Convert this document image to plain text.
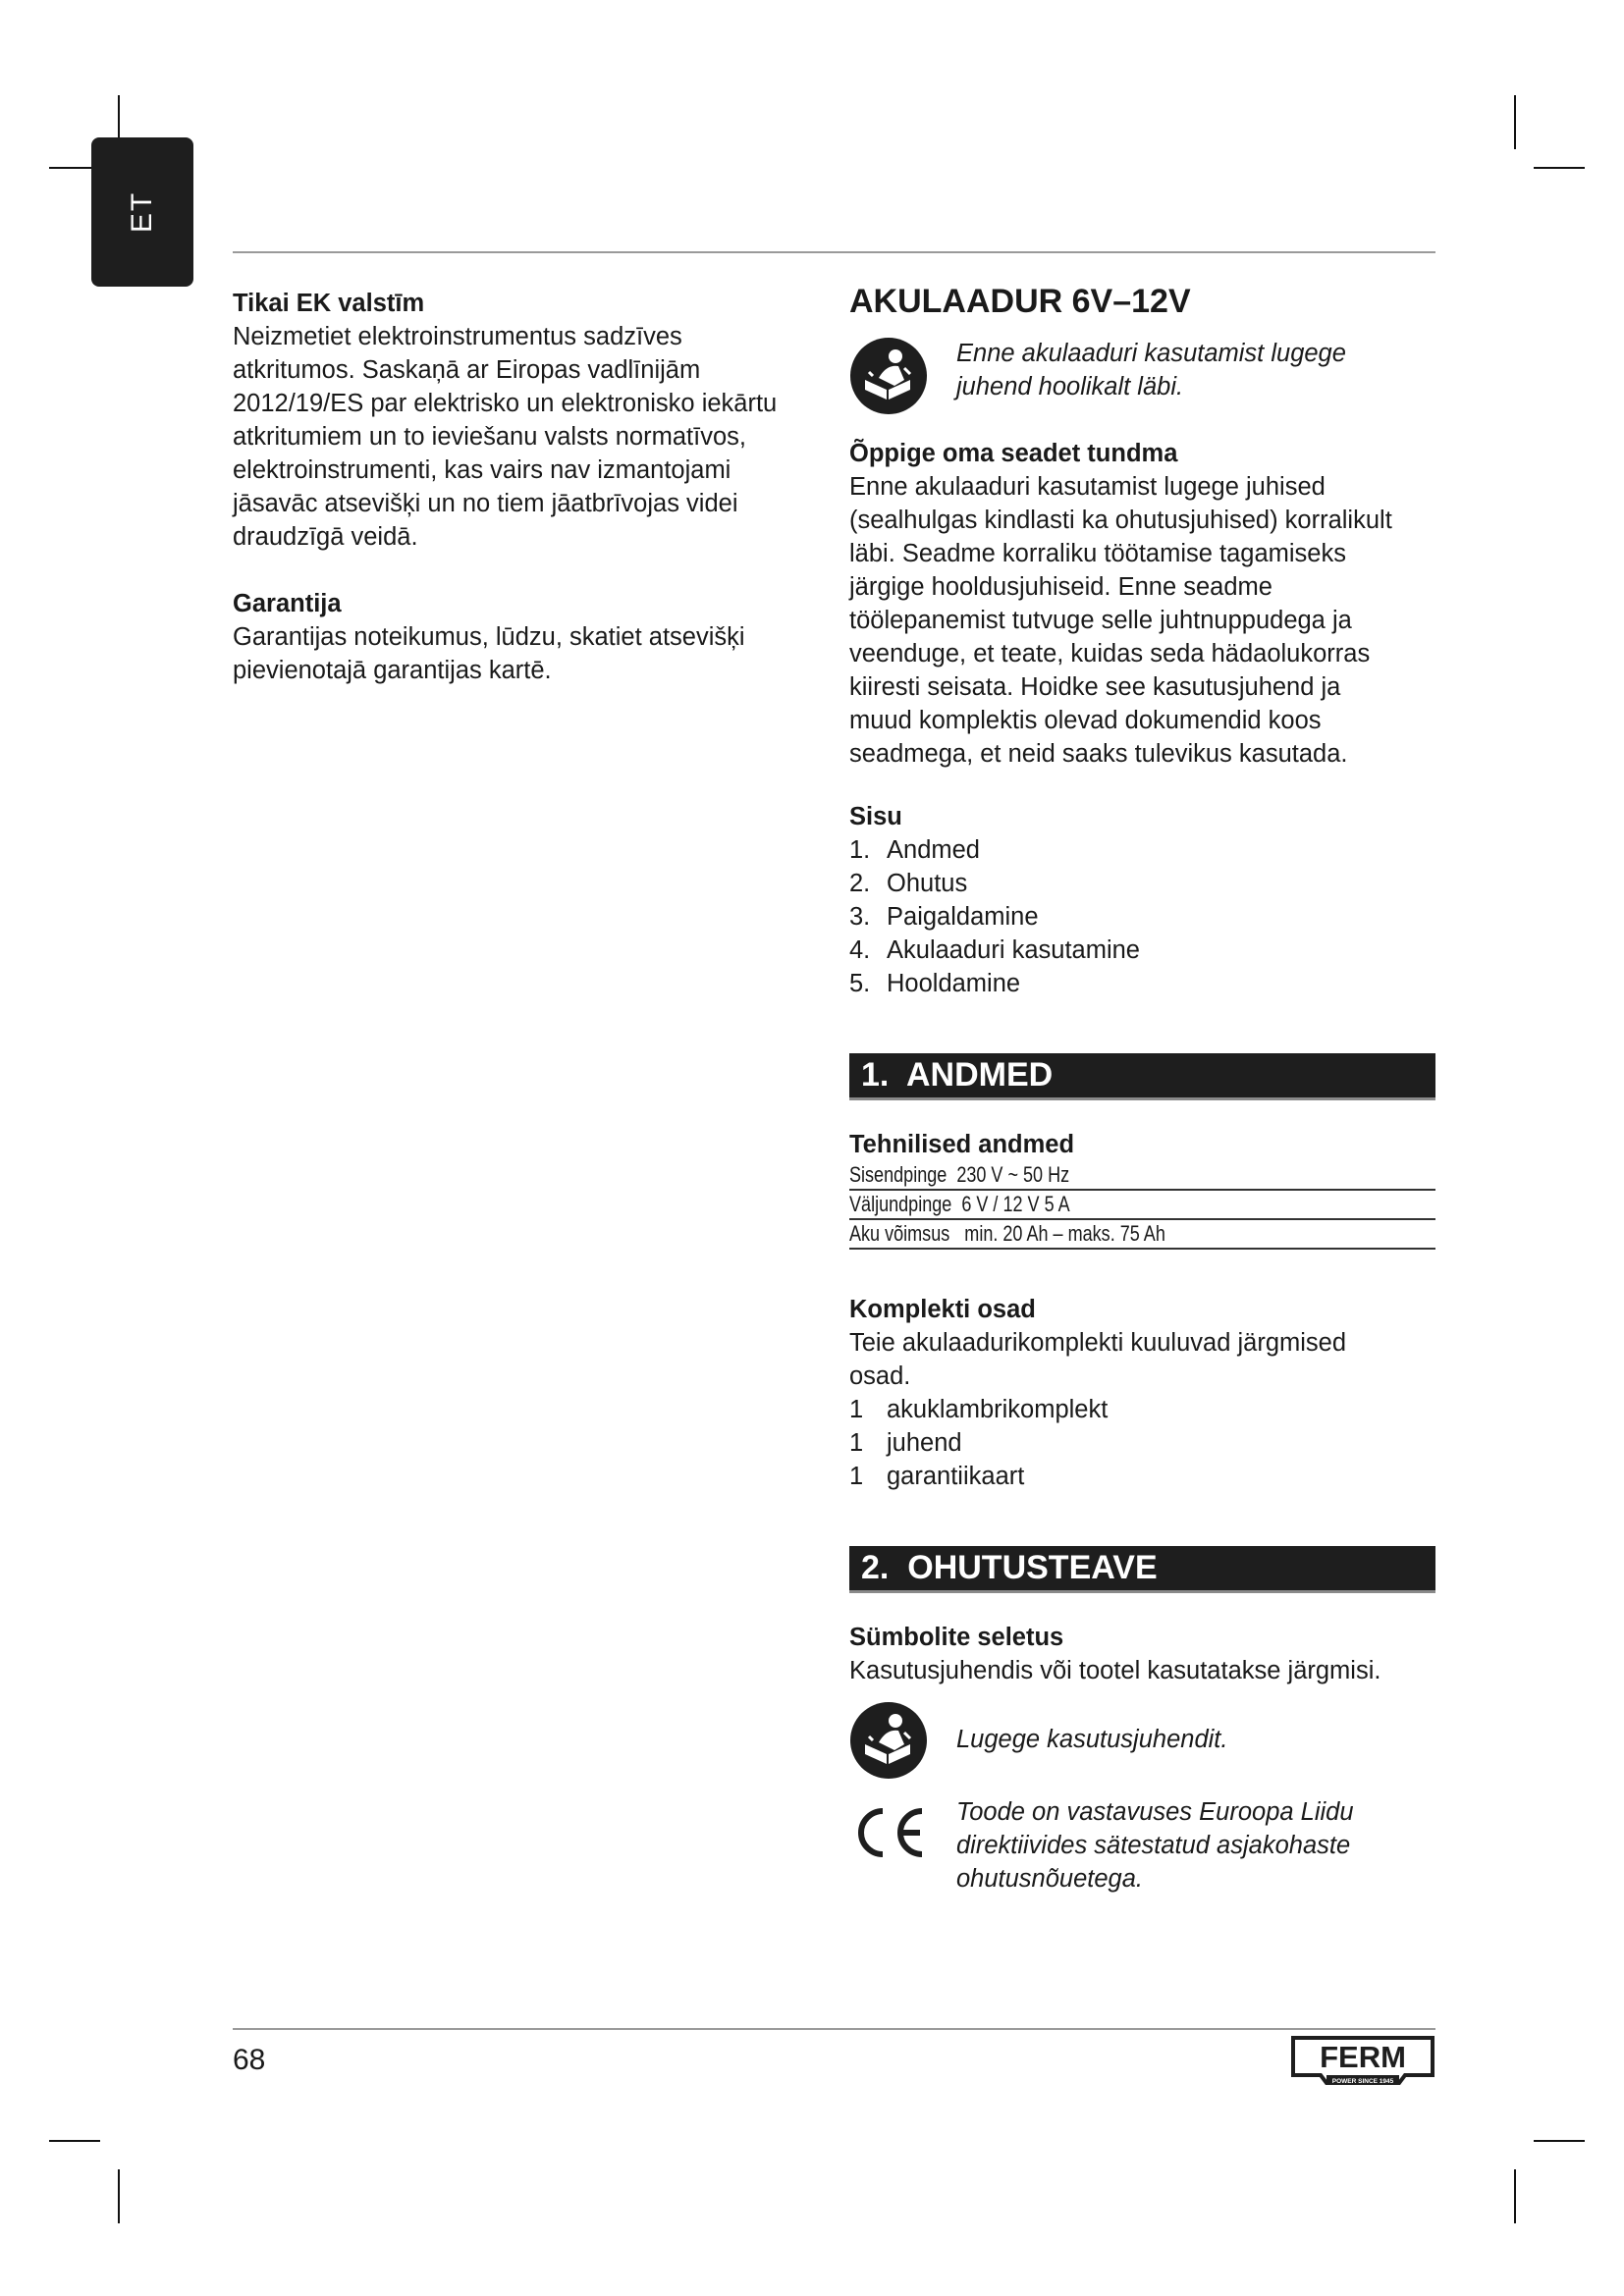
ET

Tikai EK valstīm

Neizmetiet elektroinstrumentus sadzīves
atkritumos. Saskaņā ar Eiropas vadlīnijām
2012/19/ES par elektrisko un elektronisko iekārtu
atkritumiem un to ieviešanu valsts normatīvos,
elektroinstrumenti, kas vairs nav izmantojami
jāsavāc atsevišķi un no tiem jāatbrīvojas videi
draudzīgā veidā.

Garantija

Garantijas noteikumus, lūdzu, skatiet atsevišķi
pievienotajā garantijas kartē.

AKULAADUR 6V–12V

Enne akulaaduri kasutamist lugege
juhend hoolikalt läbi.

Õppige oma seadet tundma

Enne akulaaduri kasutamist lugege juhised
(sealhulgas kindlasti ka ohutusjuhised) korralikult
läbi. Seadme korraliku töötamise tagamiseks
järgige hooldusjuhiseid. Enne seadme
töölepanemist tutvuge selle juhtnuppudega ja
veenduge, et teate, kuidas seda hädaolukorras
kiiresti seisata. Hoidke see kasutusjuhend ja
muud komplektis olevad dokumendid koos
seadmega, et neid saaks tulevikus kasutada.

Sisu

1. Andmed
2. Ohutus
3. Paigaldamine
4. Akulaaduri kasutamine
5. Hooldamine
1.  ANDMED

Tehnilised andmed

Sisendpinge  230 V ~ 50 Hz
Väljundpinge  6 V / 12 V 5 A
Aku võimsus   min. 20 Ah – maks. 75 Ah

Komplekti osad

Teie akulaadurikomplekti kuuluvad järgmised
osad.

1 akuklambrikomplekt
1 juhend
1 garantiikaart
2.  OHUTUSTEAVE

Sümbolite seletus

Kasutusjuhendis või tootel kasutatakse järgmisi.

Lugege kasutusjuhendit.
Toode on vastavuses Euroopa Liidu
direktiivides sätestatud asjakohaste
ohutusnõuetega.
68	FERM
POWER SINCE 1945
